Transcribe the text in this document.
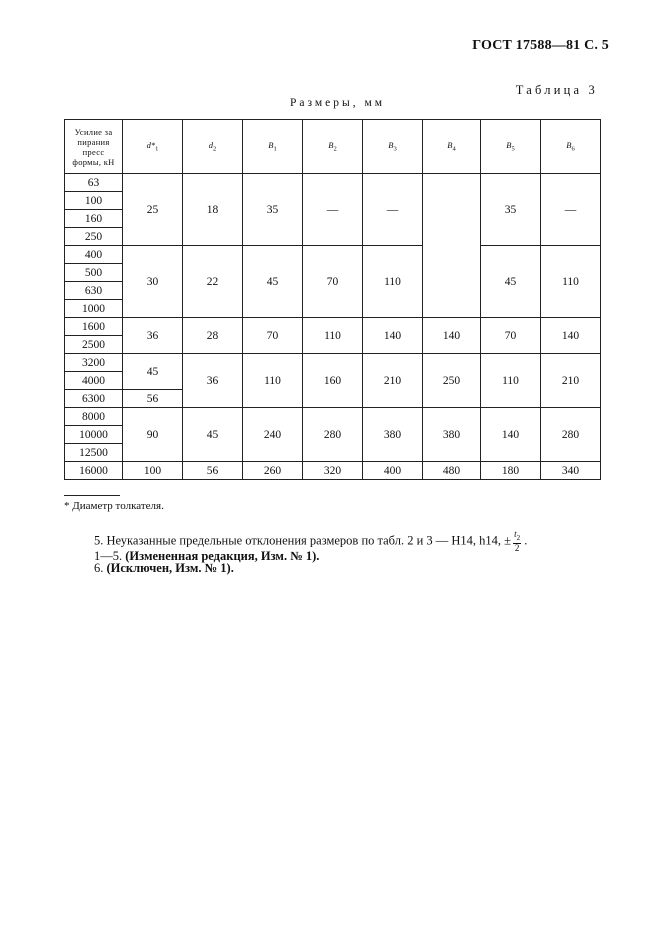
ГОСТ 17588—81 С. 5
Таблица 3
Размеры, мм
Усилие за
пирания
пресс
формы, кН	$d*_1$	$d_2$	$B_1$	$B_2$	$B_3$	$B_4$	$B_5$	$B_6$
63	25	18	35	—	—		35	—
100								
160								
250								
400	30	22	45	70	110		45	110
500								
630								
1000								
1600	36	28	70	110	140	140	70	140
2500								
3200	45	36	110	160	210	250	110	210
4000								
6300	56							
8000	90	45	240	280	380	380	140	280
10000								
12500								
16000	100	56	260	320	400	480	180	340
* Диаметр толкателя.
5. Неуказанные предельные отклонения размеров по табл. 2 и 3 — H14, h14, ± $\frac{t_2}{2}$ .
1—5. (Измененная редакция, Изм. № 1).
6. (Исключен, Изм. № 1).
